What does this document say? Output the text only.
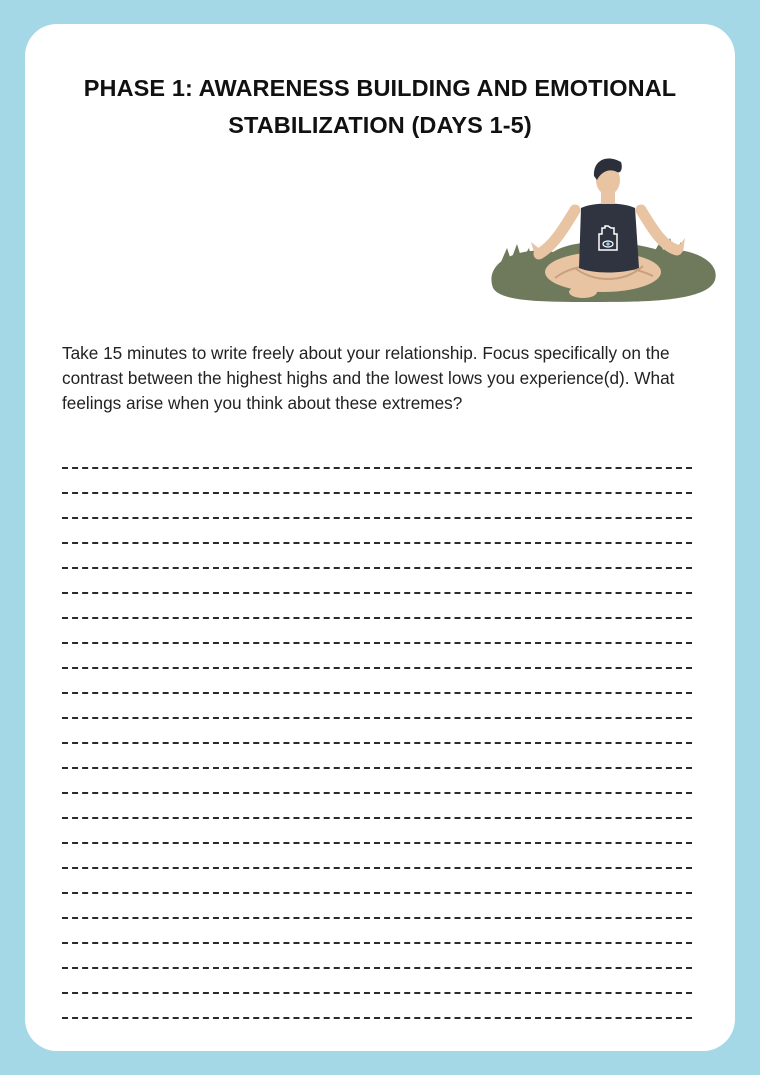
PHASE 1: AWARENESS BUILDING AND EMOTIONAL
STABILIZATION (DAYS 1-5)

Take 15 minutes to write freely about your relationship. Focus specifically on the contrast between the highest highs and the lowest lows you experience(d). What feelings arise when you think about these extremes?
